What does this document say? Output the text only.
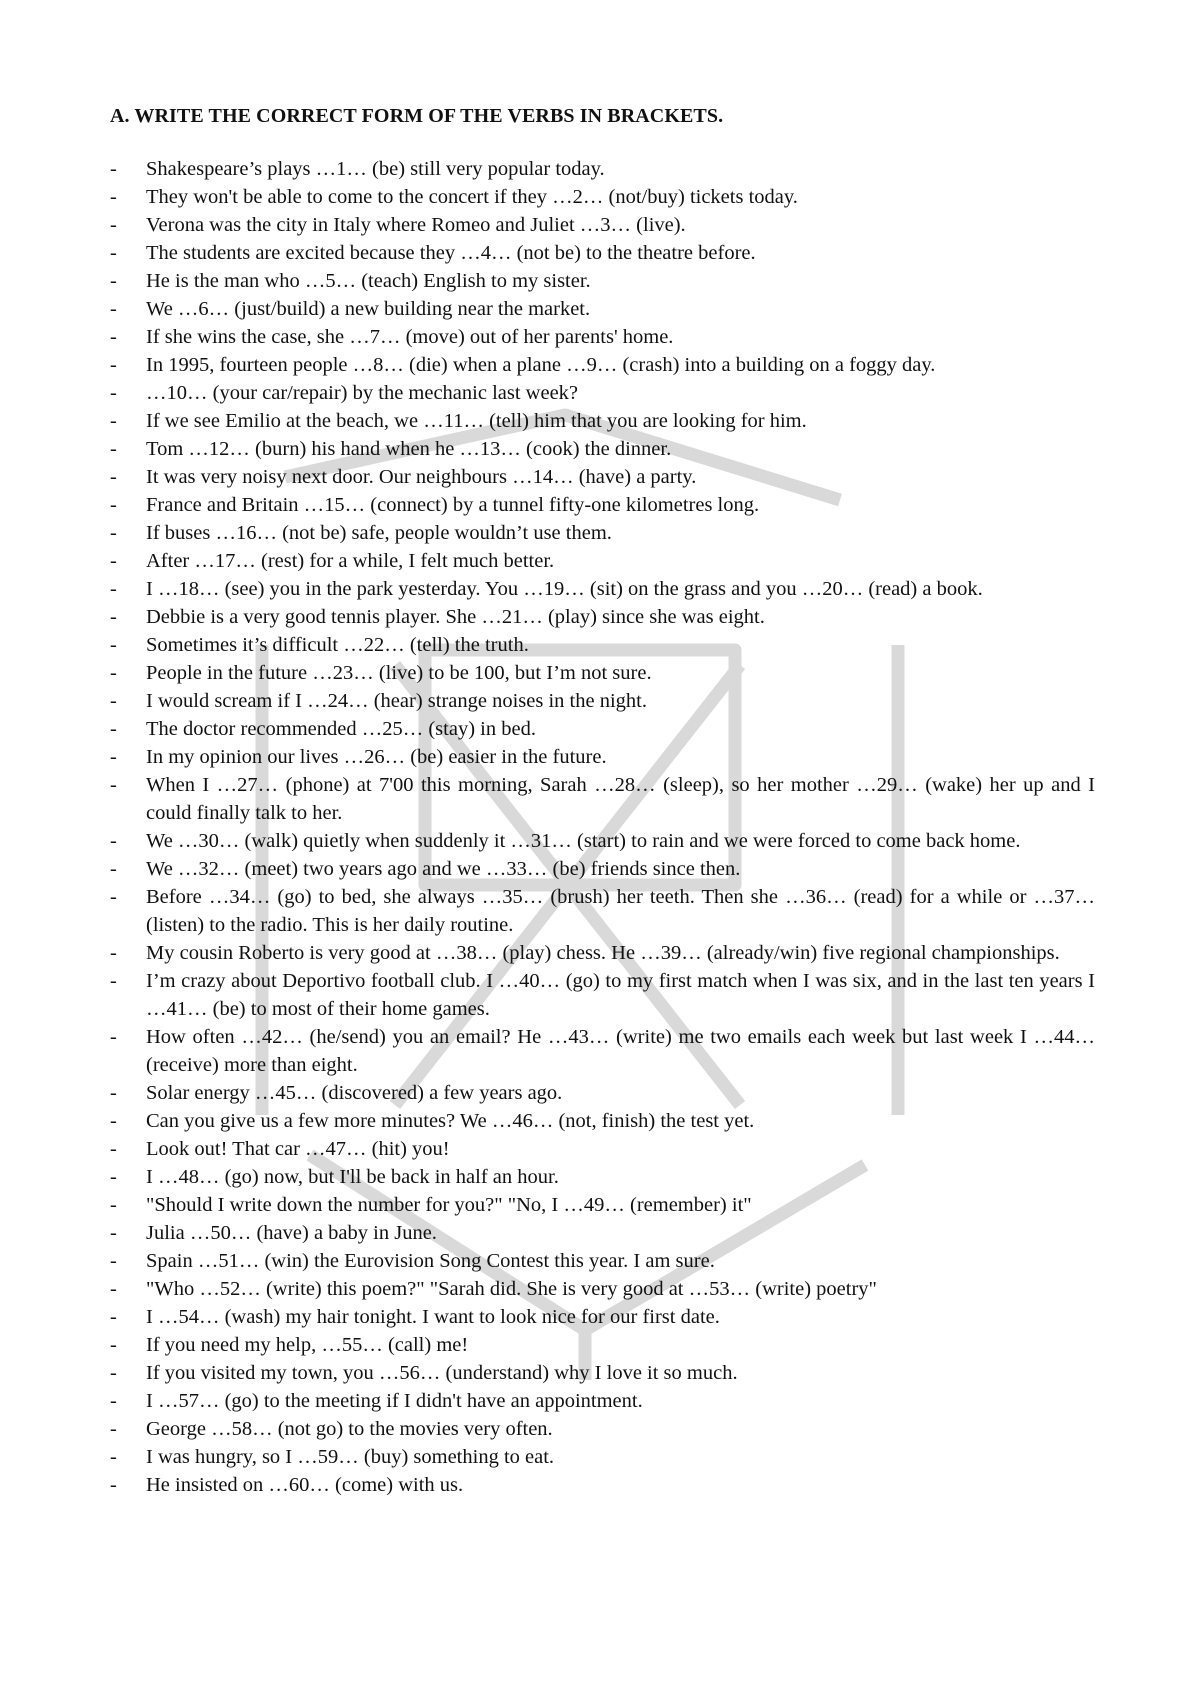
A. WRITE THE CORRECT FORM OF THE VERBS IN BRACKETS.
-	Shakespeare’s plays …1… (be) still very popular today.
-	They won't be able to come to the concert if they …2… (not/buy) tickets today.
-	Verona was the city in Italy where Romeo and Juliet …3… (live).
-	The students are excited because they …4… (not be) to the theatre before.
-	He is the man who …5… (teach) English to my sister.
-	We …6… (just/build) a new building near the market.
-	If she wins the case, she …7… (move) out of her parents' home.
-	In 1995, fourteen people …8… (die) when a plane …9… (crash) into a building on a foggy day.
-	…10… (your car/repair) by the mechanic last week?
-	If we see Emilio at the beach, we …11… (tell) him that you are looking for him.
-	Tom …12… (burn) his hand when he …13… (cook) the dinner.
-	It was very noisy next door. Our neighbours …14… (have) a party.
-	France and Britain …15… (connect) by a tunnel fifty-one kilometres long.
-	If buses …16… (not be) safe, people wouldn’t use them.
-	After …17… (rest) for a while, I felt much better.
-	I …18… (see) you in the park yesterday. You …19… (sit) on the grass and you …20… (read) a book.
-	Debbie is a very good tennis player. She …21… (play) since she was eight.
-	Sometimes it’s difficult …22… (tell) the truth.
-	People in the future …23… (live) to be 100, but I’m not sure.
-	I would scream if I …24… (hear) strange noises in the night.
-	The doctor recommended …25… (stay) in bed.
-	In my opinion our lives …26… (be) easier in the future.
-	When I …27… (phone) at 7'00 this morning, Sarah …28… (sleep), so her mother …29… (wake) her up and I could finally talk to her.
-	We …30… (walk) quietly when suddenly it …31… (start) to rain and we were forced to come back home.
-	We …32… (meet) two years ago and we …33… (be) friends since then.
-	Before …34… (go) to bed, she always …35… (brush) her teeth. Then she …36… (read) for a while or …37… (listen) to the radio. This is her daily routine.
-	My cousin Roberto is very good at …38… (play) chess. He …39… (already/win) five regional championships.
-	I’m crazy about Deportivo football club. I …40… (go) to my first match when I was six, and in the last ten years I …41… (be) to most of their home games.
-	How often …42… (he/send) you an email? He …43… (write) me two emails each week but last week I …44… (receive) more than eight.
-	Solar energy …45… (discovered) a few years ago.
-	Can you give us a few more minutes? We …46… (not, finish) the test yet.
-	Look out! That car …47… (hit) you!
-	I …48… (go) now, but I'll be back in half an hour.
-	"Should I write down the number for you?" "No, I …49… (remember) it"
-	Julia …50… (have) a baby in June.
-	Spain …51… (win) the Eurovision Song Contest this year. I am sure.
-	"Who …52… (write) this poem?" "Sarah did. She is very good at …53… (write) poetry"
-	I …54… (wash) my hair tonight. I want to look nice for our first date.
-	If you need my help, …55… (call) me!
-	If you visited my town, you …56… (understand) why I love it so much.
-	I …57… (go) to the meeting if I didn't have an appointment.
-	George …58… (not go) to the movies very often.
-	I was hungry, so I …59… (buy) something to eat.
-	He insisted on …60… (come) with us.
